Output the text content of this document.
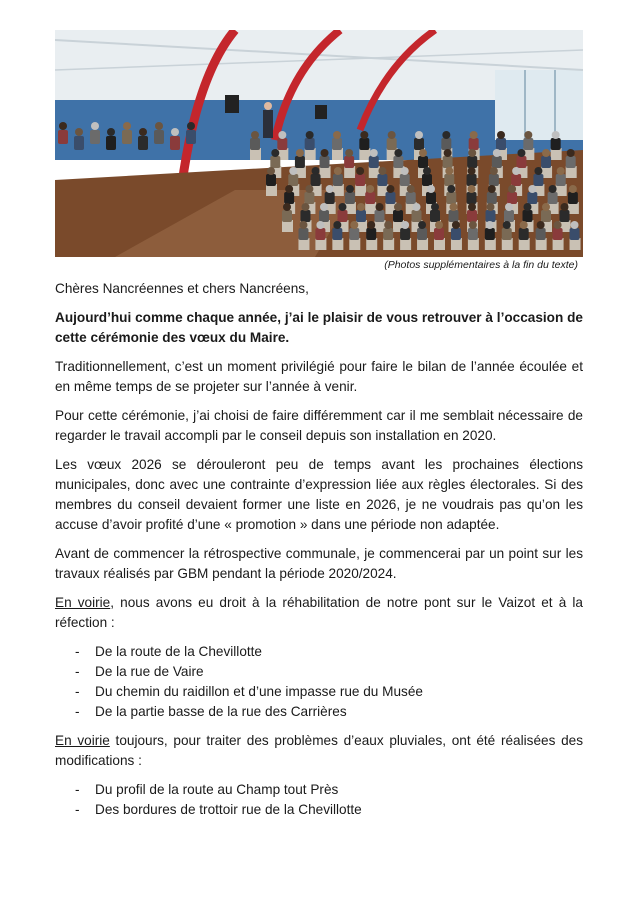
(Photos supplémentaires à la fin du texte)

Chères Nancréennes et chers Nancréens,

Aujourd’hui comme chaque année, j’ai le plaisir de vous retrouver à l’occasion de cette cérémonie des vœux du Maire.

Traditionnellement, c’est un moment privilégié pour faire le bilan de l’année écoulée et en même temps de se projeter sur l’année à venir.

Pour cette cérémonie, j’ai choisi de faire différemment car il me semblait nécessaire de regarder le travail accompli par le conseil depuis son installation en 2020.

Les vœux 2026 se dérouleront peu de temps avant les prochaines élections municipales, donc avec une contrainte d’expression liée aux règles électorales. Si des membres du conseil devaient former une liste en 2026, je ne voudrais pas qu’on les accuse d’avoir profité d’une « promotion » dans une période non adaptée.

Avant de commencer la rétrospective communale, je commencerai par un point sur les travaux réalisés par GBM pendant la période 2020/2024.

En voirie, nous avons eu droit à la réhabilitation de notre pont sur le Vaizot et à la réfection :

- De la route de la Chevillotte
- De la rue de Vaire
- Du chemin du raidillon et d’une impasse rue du Musée
- De la partie basse de la rue des Carrières

En voirie toujours, pour traiter des problèmes d’eaux pluviales, ont été réalisées des modifications :

- Du profil de la route au Champ tout Près
- Des bordures de trottoir rue de la Chevillotte
